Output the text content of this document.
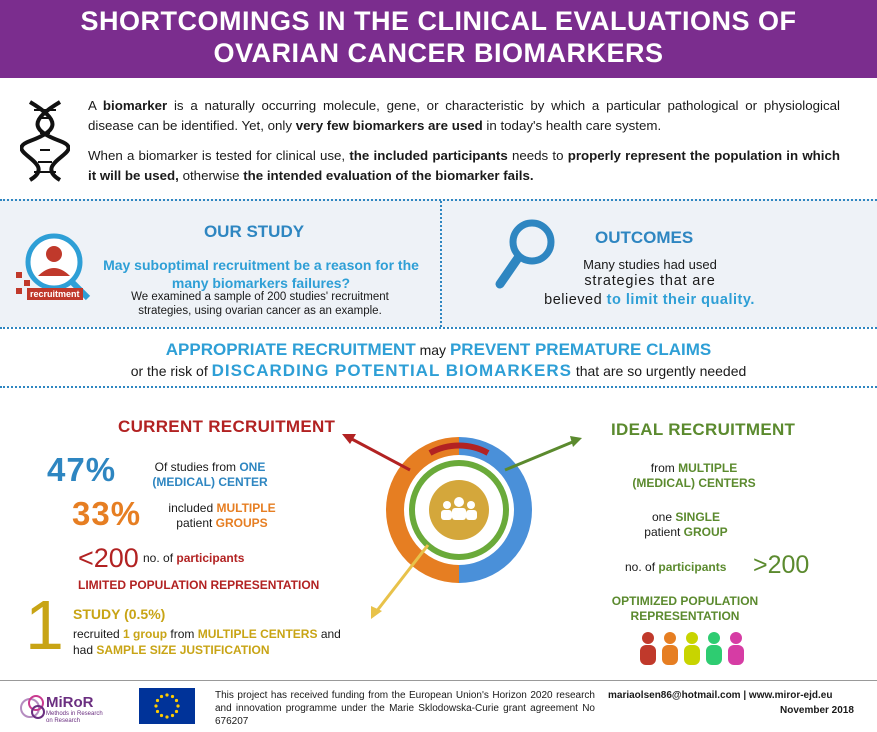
SHORTCOMINGS IN THE CLINICAL EVALUATIONS OF
OVARIAN CANCER BIOMARKERS

A biomarker is a naturally occurring molecule, gene, or characteristic by which a particular pathological or physiological disease can be identified. Yet, only very few biomarkers are used in today's health care system.

When a biomarker is tested for clinical use, the included participants needs to properly represent the population in which it will be used, otherwise the intended evaluation of the biomarker fails.

recruitment
OUR STUDY
May suboptimal recruitment be a reason for the
many biomarkers failures?
We examined a sample of 200 studies' recruitment
strategies, using ovarian cancer as an example.
OUTCOMES
Many studies had used
strategies that are
believed to limit their quality.
APPROPRIATE RECRUITMENT may PREVENT PREMATURE CLAIMS
or the risk of DISCARDING POTENTIAL BIOMARKERS that are so urgently needed
CURRENT RECRUITMENT
47%	Of studies from ONE
(MEDICAL) CENTER
33%	included MULTIPLE
patient GROUPS
<200 no. of participants
LIMITED POPULATION REPRESENTATION
1 STUDY (0.5%)
recruited 1 group from MULTIPLE CENTERS and
had SAMPLE SIZE JUSTIFICATION
IDEAL RECRUITMENT
from MULTIPLE
(MEDICAL) CENTERS
one SINGLE
patient GROUP
no. of participants >200
OPTIMIZED POPULATION
REPRESENTATION
MiRoR
Methods in Research on Research
This project has received funding from the European Union's Horizon 2020 research and innovation programme under the Marie Sklodowska-Curie grant agreement No 676207
mariaolsen86@hotmail.com | www.miror-ejd.eu
November 2018
